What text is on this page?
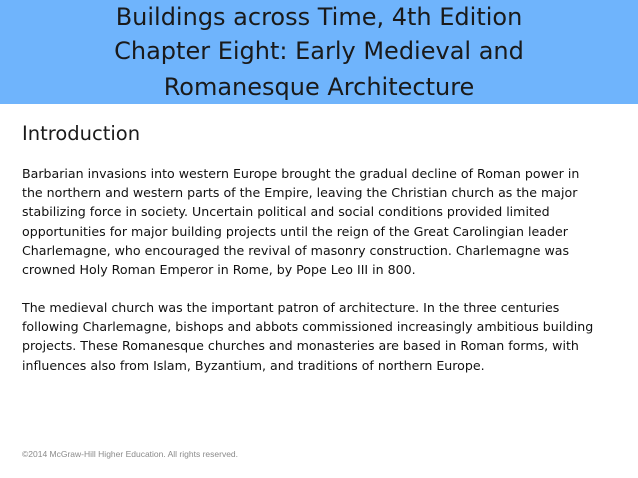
Buildings across Time, 4th Edition
Chapter Eight: Early Medieval and
Romanesque Architecture
Introduction
Barbarian invasions into western Europe brought the gradual decline of Roman power in
the northern and western parts of the Empire, leaving the Christian church as the major
stabilizing force in society. Uncertain political and social conditions provided limited
opportunities for major building projects until the reign of the Great Carolingian leader
Charlemagne, who encouraged the revival of masonry construction. Charlemagne was
crowned Holy Roman Emperor in Rome, by Pope Leo III in 800.
The medieval church was the important patron of architecture. In the three centuries
following Charlemagne, bishops and abbots commissioned increasingly ambitious building
projects. These Romanesque churches and monasteries are based in Roman forms, with
influences also from Islam, Byzantium, and traditions of northern Europe.
©2014 McGraw-Hill Higher Education. All rights reserved.
